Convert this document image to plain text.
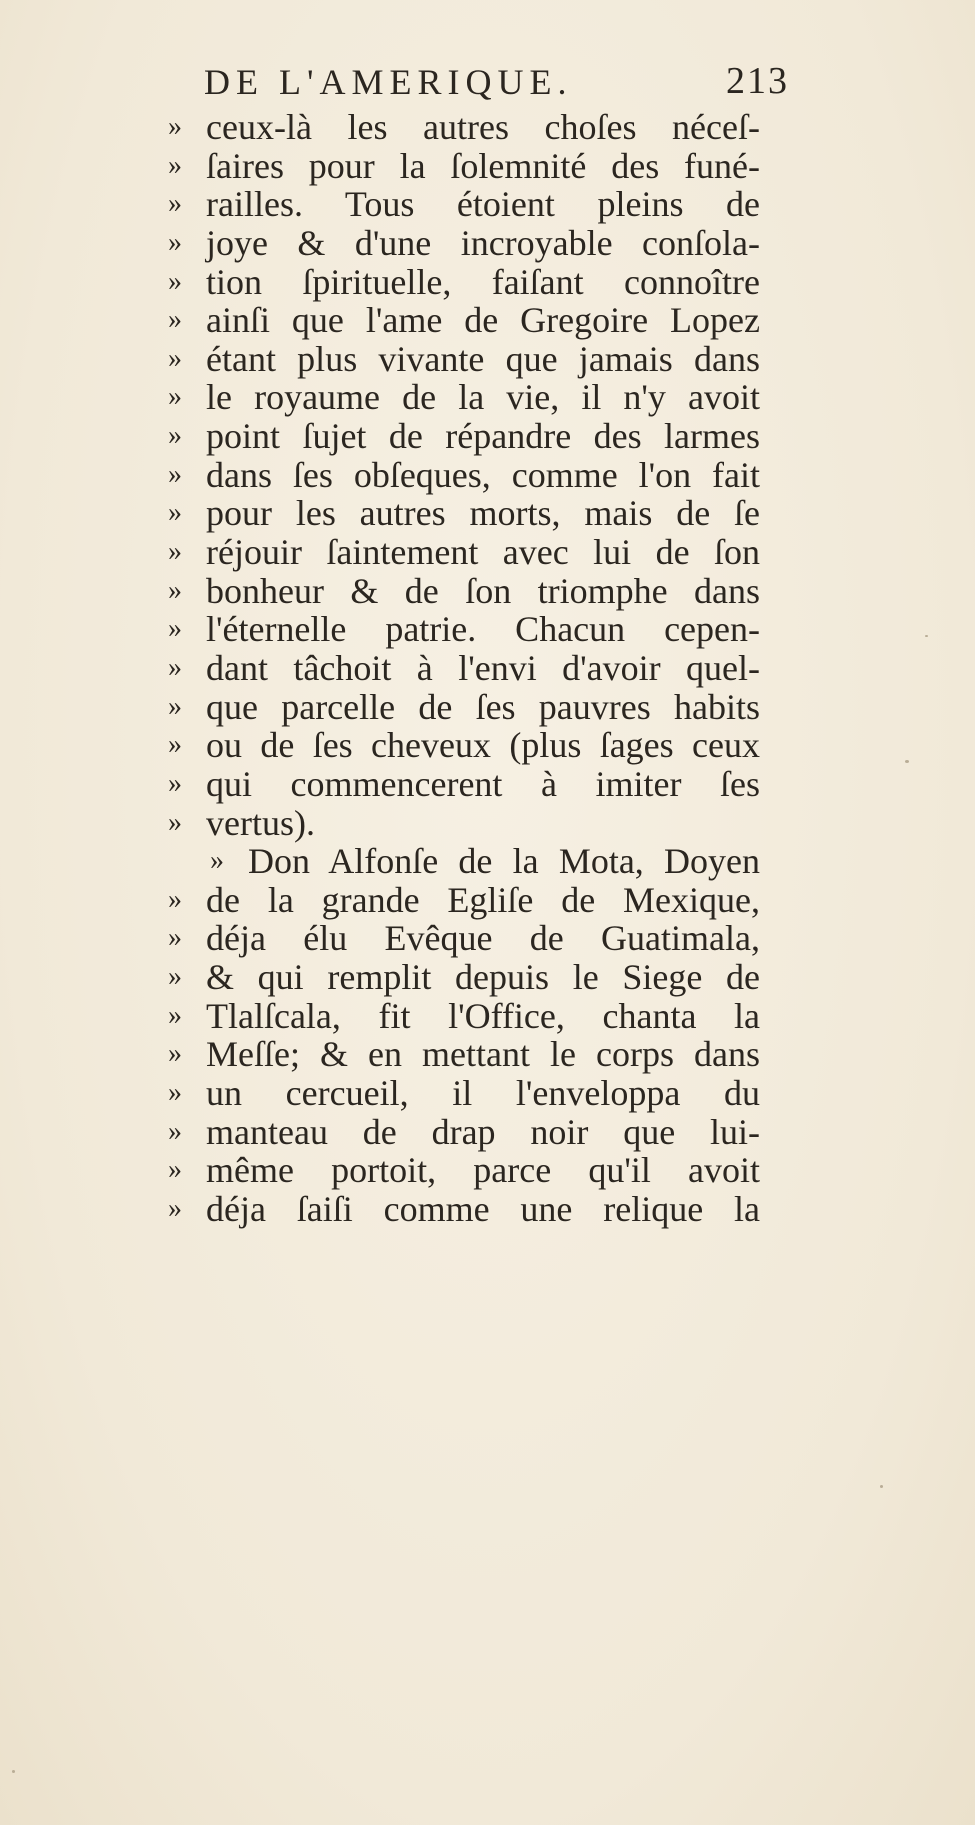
DE L'AMERIQUE.	213
» ceux-là les autres choſes néceſ-
» ſaires pour la ſolemnité des funé-
» railles. Tous étoient pleins de
» joye & d'une incroyable conſola-
» tion ſpirituelle, faiſant connoître
» ainſi que l'ame de Gregoire Lopez
» étant plus vivante que jamais dans
» le royaume de la vie, il n'y avoit
» point ſujet de répandre des larmes
» dans ſes obſeques, comme l'on fait
» pour les autres morts, mais de ſe
» réjouir ſaintement avec lui de ſon
» bonheur & de ſon triomphe dans
» l'éternelle patrie. Chacun cepen-
» dant tâchoit à l'envi d'avoir quel-
» que parcelle de ſes pauvres habits
» ou de ſes cheveux (plus ſages ceux
» qui commencerent à imiter ſes
» vertus).
» Don Alfonſe de la Mota, Doyen
» de la grande Egliſe de Mexique,
» déja élu Evêque de Guatimala,
» & qui remplit depuis le Siege de
» Tlalſcala, fit l'Office, chanta la
» Meſſe; & en mettant le corps dans
» un cercueil, il l'enveloppa du
» manteau de drap noir que lui-
» même portoit, parce qu'il avoit
» déja ſaiſi comme une relique la
